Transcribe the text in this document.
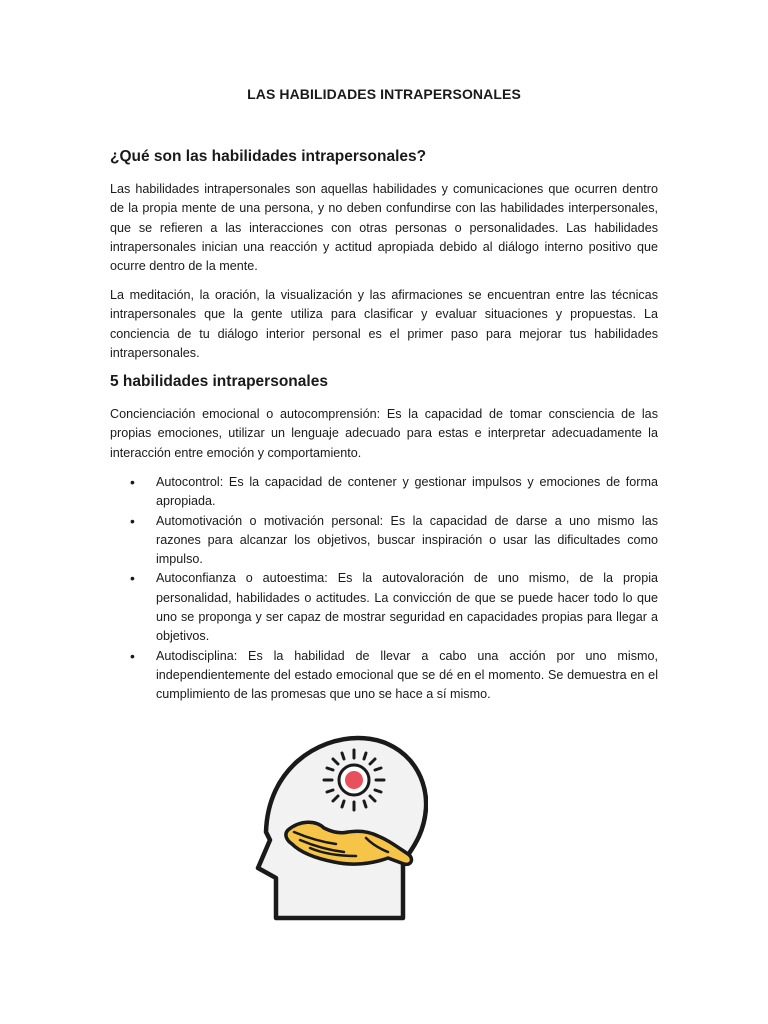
LAS HABILIDADES INTRAPERSONALES
¿Qué son las habilidades intrapersonales?

Las habilidades intrapersonales son aquellas habilidades y comunicaciones que ocurren dentro de la propia mente de una persona, y no deben confundirse con las habilidades interpersonales, que se refieren a las interacciones con otras personas o personalidades. Las habilidades intrapersonales inician una reacción y actitud apropiada debido al diálogo interno positivo que ocurre dentro de la mente.

La meditación, la oración, la visualización y las afirmaciones se encuentran entre las técnicas intrapersonales que la gente utiliza para clasificar y evaluar situaciones y propuestas. La conciencia de tu diálogo interior personal es el primer paso para mejorar tus habilidades intrapersonales.

5 habilidades intrapersonales

Concienciación emocional o autocomprensión: Es la capacidad de tomar consciencia de las propias emociones, utilizar un lenguaje adecuado para estas e interpretar adecuadamente la interacción entre emoción y comportamiento.

• Autocontrol: Es la capacidad de contener y gestionar impulsos y emociones de forma apropiada.
• Automotivación o motivación personal: Es la capacidad de darse a uno mismo las razones para alcanzar los objetivos, buscar inspiración o usar las dificultades como impulso.
• Autoconfianza o autoestima: Es la autovaloración de uno mismo, de la propia personalidad, habilidades o actitudes. La convicción de que se puede hacer todo lo que uno se proponga y ser capaz de mostrar seguridad en capacidades propias para llegar a objetivos.
• Autodisciplina: Es la habilidad de llevar a cabo una acción por uno mismo, independientemente del estado emocional que se dé en el momento. Se demuestra en el cumplimiento de las promesas que uno se hace a sí mismo.
